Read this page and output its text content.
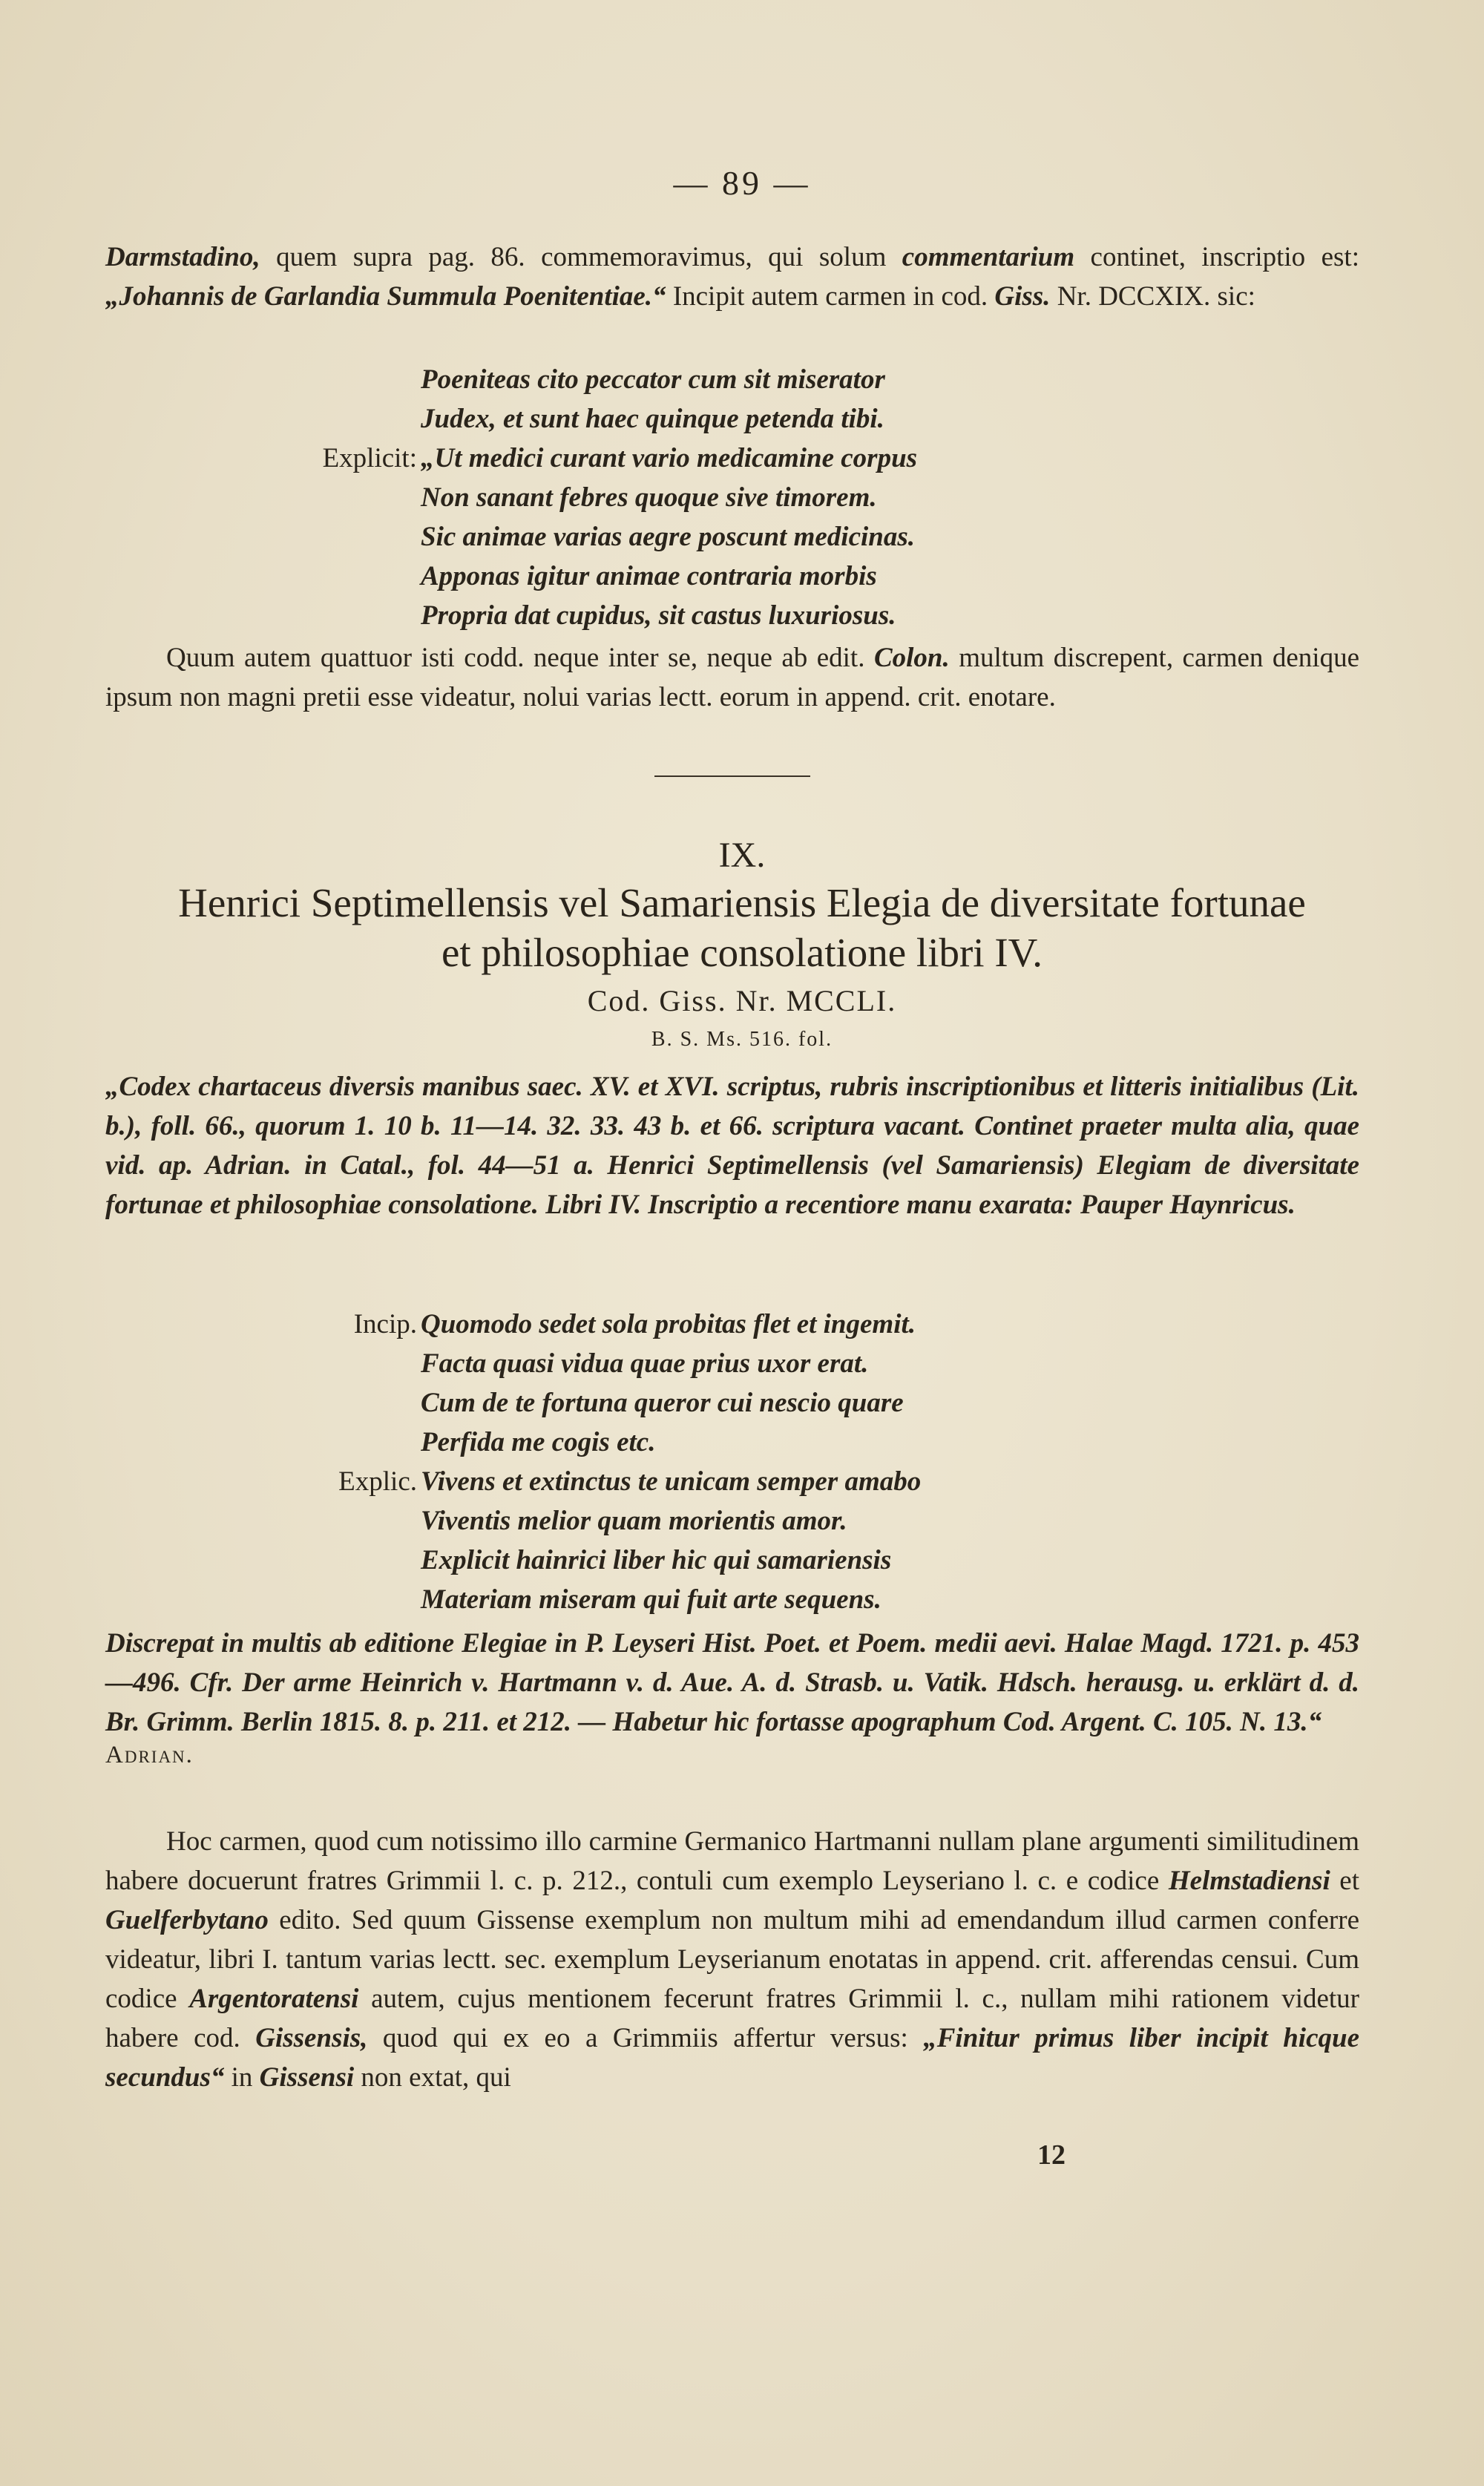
— 89 —

Darmstadino, quem supra pag. 86. commemoravimus, qui solum commentarium continet, inscriptio est: „Johannis de Garlandia Summula Poenitentiae.“ Incipit autem carmen in cod. Giss. Nr. DCCXIX. sic:

Poeniteas cito peccator cum sit miserator
Judex, et sunt haec quinque petenda tibi.
Explicit: „Ut medici curant vario medicamine corpus
Non sanant febres quoque sive timorem.
Sic animae varias aegre poscunt medicinas.
Apponas igitur animae contraria morbis
Propria dat cupidus, sit castus luxuriosus.

Quum autem quattuor isti codd. neque inter se, neque ab edit. Colon. multum discrepent, carmen denique ipsum non magni pretii esse videatur, nolui varias lectt. eorum in append. crit. enotare.

IX.
Henrici Septimellensis vel Samariensis Elegia de diversitate fortunae
et philosophiae consolatione libri IV.
Cod. Giss. Nr. MCCLI.
B. S. Ms. 516. fol.

„Codex chartaceus diversis manibus saec. XV. et XVI. scriptus, rubris inscriptionibus et litteris initialibus (Lit. b.), foll. 66., quorum 1. 10 b. 11—14. 32. 33. 43 b. et 66. scriptura vacant. Continet praeter multa alia, quae vid. ap. Adrian. in Catal., fol. 44—51 a. Henrici Septimellensis (vel Samariensis) Elegiam de diversitate fortunae et philosophiae consolatione. Libri IV. Inscriptio a recentiore manu exarata: Pauper Haynricus.

Incip. Quomodo sedet sola probitas flet et ingemit.
Facta quasi vidua quae prius uxor erat.
Cum de te fortuna queror cui nescio quare
Perfida me cogis etc.
Explic. Vivens et extinctus te unicam semper amabo
Viventis melior quam morientis amor.
Explicit hainrici liber hic qui samariensis
Materiam miseram qui fuit arte sequens.

Discrepat in multis ab editione Elegiae in P. Leyseri Hist. Poet. et Poem. medii aevi. Halae Magd. 1721. p. 453—496. Cfr. Der arme Heinrich v. Hartmann v. d. Aue. A. d. Strasb. u. Vatik. Hdsch. herausg. u. erklärt d. d. Br. Grimm. Berlin 1815. 8. p. 211. et 212. — Habetur hic fortasse apographum Cod. Argent. C. 105. N. 13.“

Adrian.

Hoc carmen, quod cum notissimo illo carmine Germanico Hartmanni nullam plane argumenti similitudinem habere docuerunt fratres Grimmii l. c. p. 212., contuli cum exemplo Leyseriano l. c. e codice Helmstadiensi et Guelferbytano edito. Sed quum Gissense exemplum non multum mihi ad emendandum illud carmen conferre videatur, libri I. tantum varias lectt. sec. exemplum Leyserianum enotatas in append. crit. afferendas censui. Cum codice Argentoratensi autem, cujus mentionem fecerunt fratres Grimmii l. c., nullam mihi rationem videtur habere cod. Gissensis, quod qui ex eo a Grimmiis affertur versus: „Finitur primus liber incipit hicque secundus“ in Gissensi non extat, qui

12
